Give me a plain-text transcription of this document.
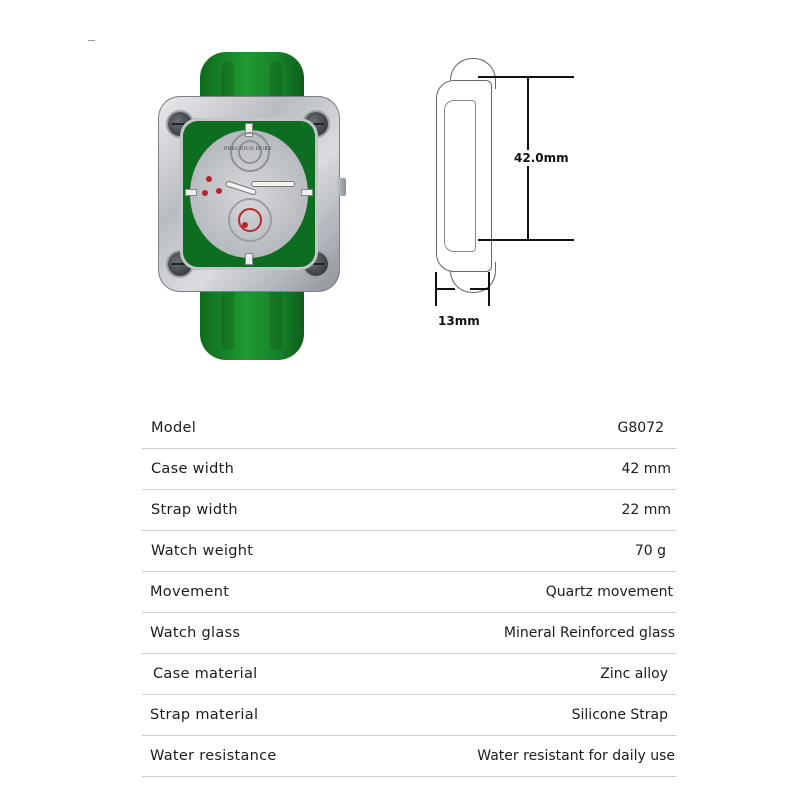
PRECIOUS DUKE
42.0mm
13mm
Model	G8072
Case width	42 mm
Strap width	22 mm
Watch weight	70 g
Movement	Quartz movement
Watch glass	Mineral Reinforced glass
Case material	Zinc alloy
Strap material	Silicone Strap
Water resistance	Water resistant for daily use
